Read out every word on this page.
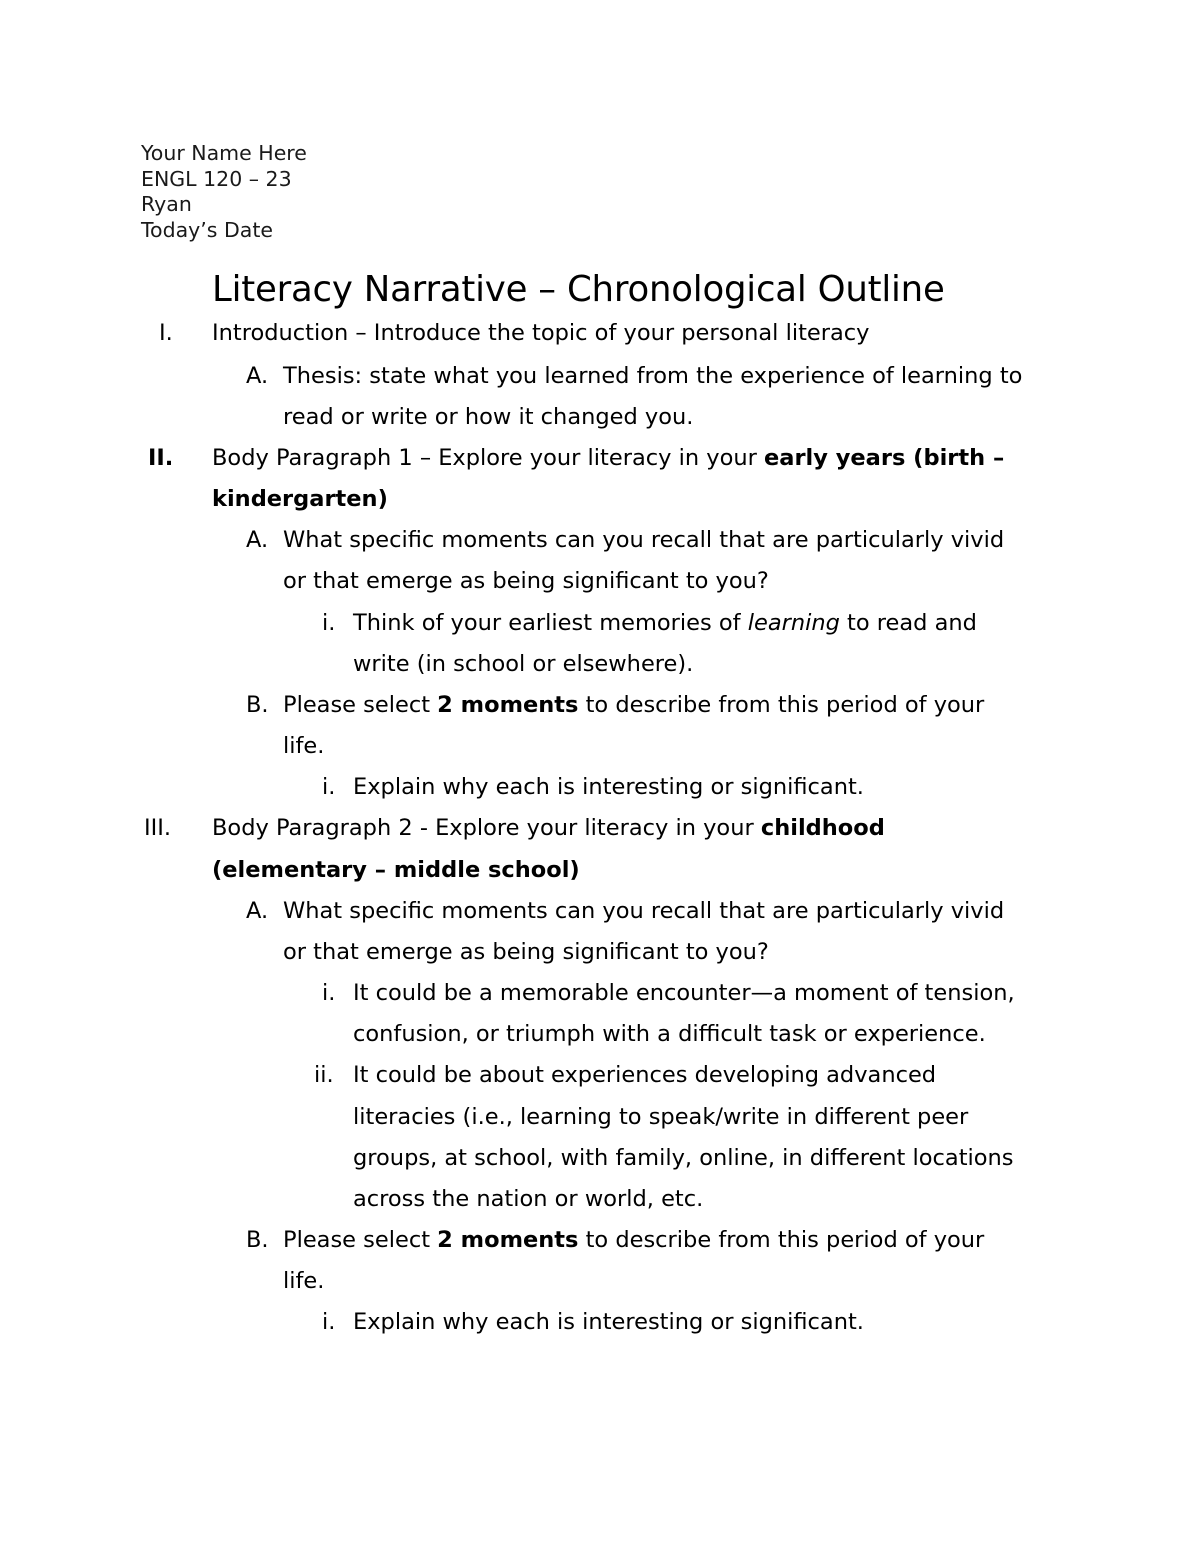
Your Name Here
ENGL 120 – 23
Ryan
Today’s Date
Literacy Narrative – Chronological Outline
I. Introduction – Introduce the topic of your personal literacy
A. Thesis: state what you learned from the experience of learning to
read or write or how it changed you.
II. Body Paragraph 1 – Explore your literacy in your early years (birth –
kindergarten)
A. What specific moments can you recall that are particularly vivid
or that emerge as being significant to you?
i. Think of your earliest memories of learning to read and
write (in school or elsewhere).
B. Please select 2 moments to describe from this period of your
life.
i. Explain why each is interesting or significant.
III. Body Paragraph 2 - Explore your literacy in your childhood
(elementary – middle school)
A. What specific moments can you recall that are particularly vivid
or that emerge as being significant to you?
i. It could be a memorable encounter—a moment of tension,
confusion, or triumph with a difficult task or experience.
ii. It could be about experiences developing advanced
literacies (i.e., learning to speak/write in different peer
groups, at school, with family, online, in different locations
across the nation or world, etc.
B. Please select 2 moments to describe from this period of your
life.
i. Explain why each is interesting or significant.
